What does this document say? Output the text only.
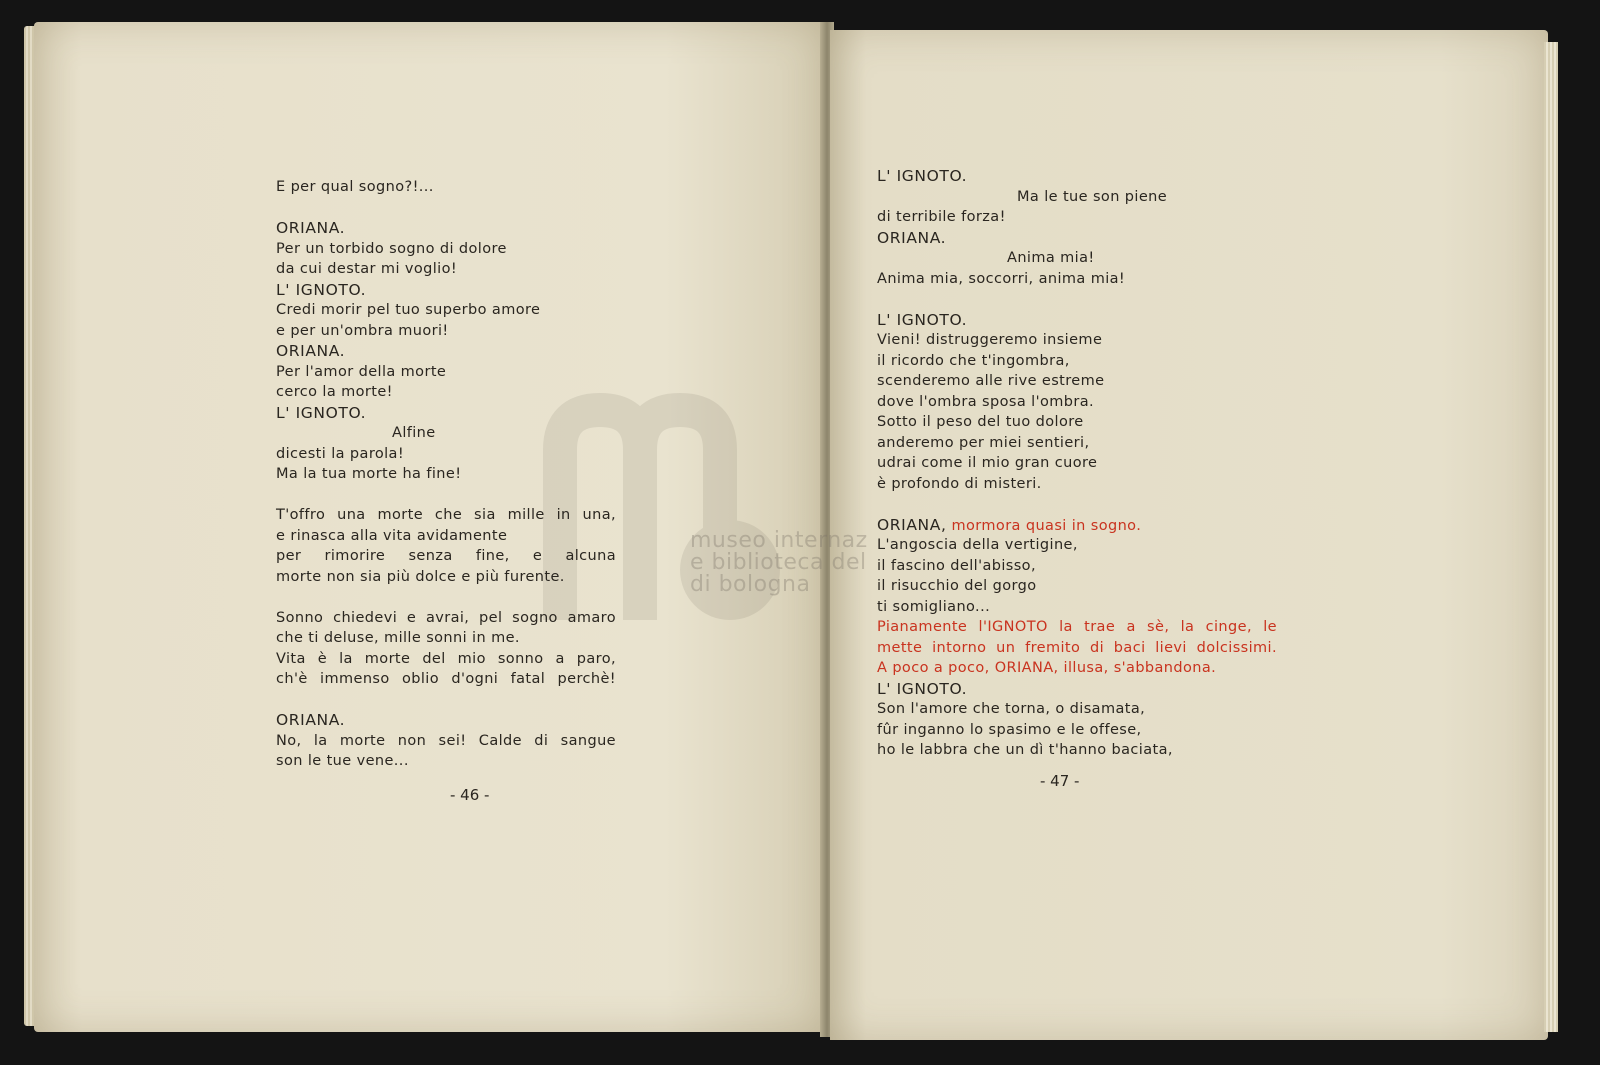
museo internaz
e biblioteca del
di bologna
E per qual sogno?!...
ORIANA.
Per un torbido sogno di dolore
da cui destar mi voglio!
L' IGNOTO.
Credi morir pel tuo superbo amore
e per un'ombra muori!
ORIANA.
Per l'amor della morte
cerco la morte!
L' IGNOTO.
Alfine
dicesti la parola!
Ma la tua morte ha fine!
T'offro una morte che sia mille in una,
e rinasca alla vita avidamente
per rimorire senza fine, e alcuna
morte non sia più dolce e più furente.
Sonno chiedevi e avrai, pel sogno amaro
che ti deluse, mille sonni in me.
Vita è la morte del mio sonno a paro,
ch'è immenso oblio d'ogni fatal perchè!
ORIANA.
No, la morte non sei! Calde di sangue
son le tue vene...
- 46 -
L' IGNOTO.
Ma le tue son piene
di terribile forza!
ORIANA.
Anima mia!
Anima mia, soccorri, anima mia!
L' IGNOTO.
Vieni! distruggeremo insieme
il ricordo che t'ingombra,
scenderemo alle rive estreme
dove l'ombra sposa l'ombra.
Sotto il peso del tuo dolore
anderemo per miei sentieri,
udrai come il mio gran cuore
è profondo di misteri.
ORIANA, mormora quasi in sogno.
L'angoscia della vertigine,
il fascino dell'abisso,
il risucchio del gorgo
ti somigliano...
Pianamente l'IGNOTO la trae a sè, la cinge, le
mette intorno un fremito di baci lievi dolcissimi.
A poco a poco, ORIANA, illusa, s'abbandona.
L' IGNOTO.
Son l'amore che torna, o disamata,
fûr inganno lo spasimo e le offese,
ho le labbra che un dì t'hanno baciata,
- 47 -
